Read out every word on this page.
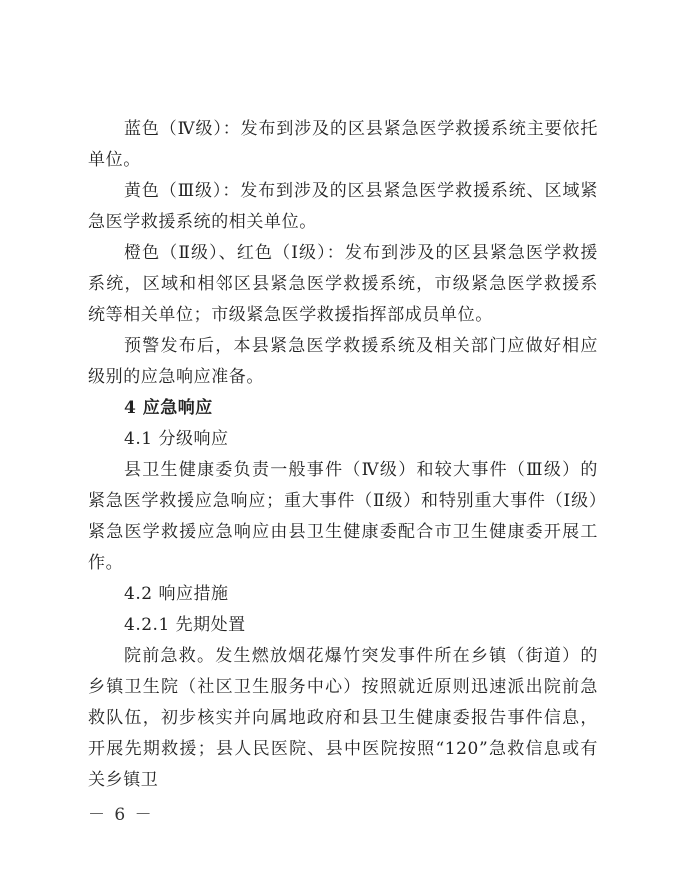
蓝色（Ⅳ级）：发布到涉及的区县紧急医学救援系统主要依托单位。

黄色（Ⅲ级）：发布到涉及的区县紧急医学救援系统、区域紧急医学救援系统的相关单位。

橙色（Ⅱ级）、红色（Ⅰ级）：发布到涉及的区县紧急医学救援系统，区域和相邻区县紧急医学救援系统，市级紧急医学救援系统等相关单位；市级紧急医学救援指挥部成员单位。

预警发布后，本县紧急医学救援系统及相关部门应做好相应级别的应急响应准备。

4 应急响应

4.1 分级响应

县卫生健康委负责一般事件（Ⅳ级）和较大事件（Ⅲ级）的紧急医学救援应急响应；重大事件（Ⅱ级）和特别重大事件（Ⅰ级）紧急医学救援应急响应由县卫生健康委配合市卫生健康委开展工作。

4.2 响应措施

4.2.1 先期处置

院前急救。发生燃放烟花爆竹突发事件所在乡镇（街道）的乡镇卫生院（社区卫生服务中心）按照就近原则迅速派出院前急救队伍，初步核实并向属地政府和县卫生健康委报告事件信息，开展先期救援；县人民医院、县中医院按照“120”急救信息或有关乡镇卫

－ 6 －
